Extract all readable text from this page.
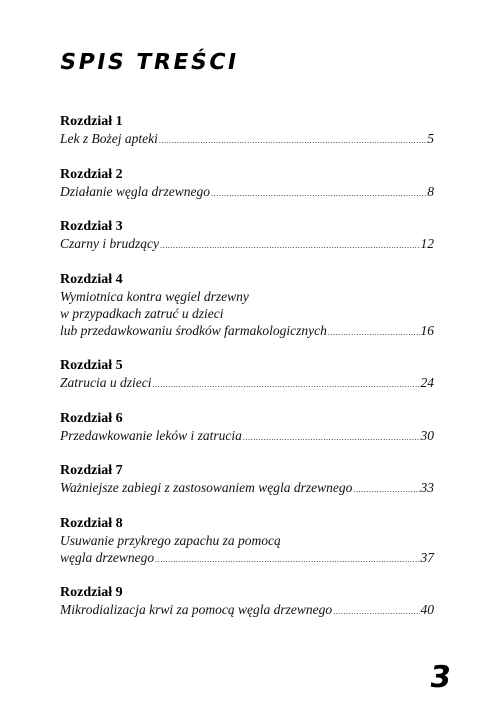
SPIS TREŚCI
Rozdział 1
Lek z Bożej apteki .....	5
Rozdział 2
Działanie węgla drzewnego .....	8
Rozdział 3
Czarny i brudzący .....	12
Rozdział 4
Wymiotnica kontra węgiel drzewny
w przypadkach zatruć u dzieci
lub przedawkowaniu środków farmakologicznych .....	16
Rozdział 5
Zatrucia u dzieci .....	24
Rozdział 6
Przedawkowanie leków i zatrucia .....	30
Rozdział 7
Ważniejsze zabiegi z zastosowaniem węgla drzewnego .....	33
Rozdział 8
Usuwanie przykrego zapachu za pomocą
węgla drzewnego .....	37
Rozdział 9
Mikrodializacja krwi za pomocą węgla drzewnego .....	40
3
